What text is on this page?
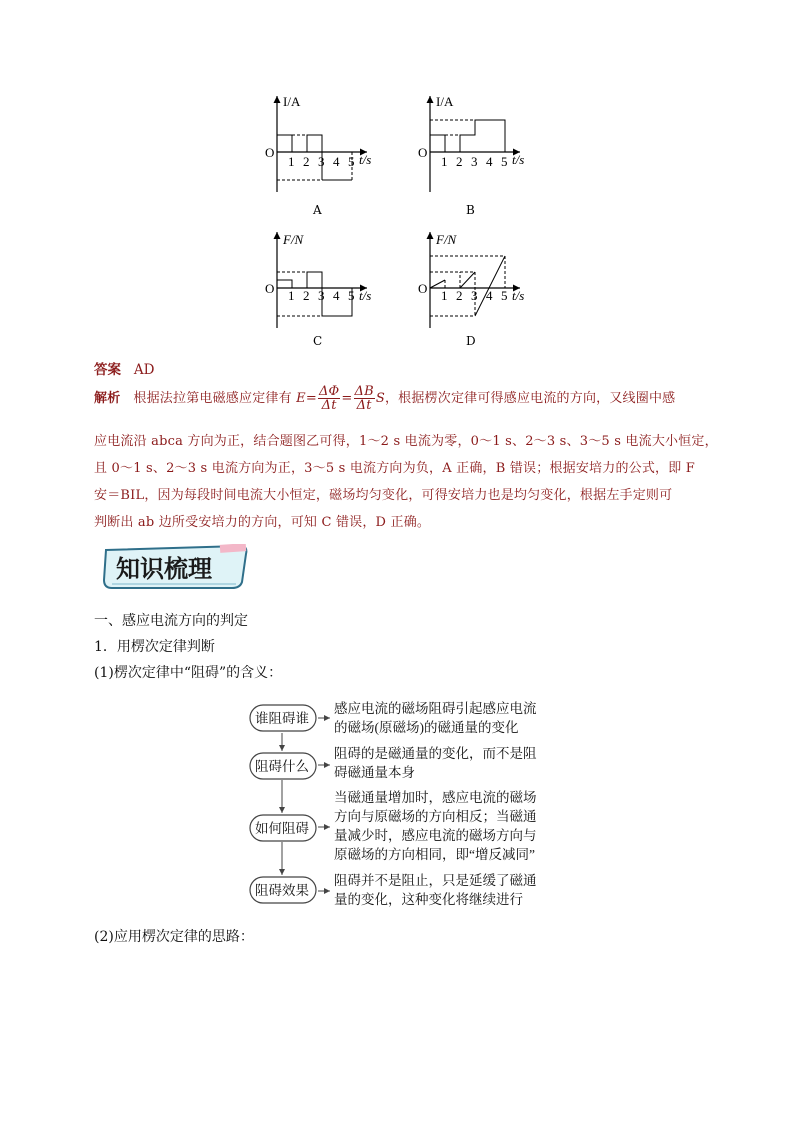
I/A
O
1 2 3 4 5 t/s
A
I/A
O
1 2 3 4 5 t/s
B
F/N
O 1 2 3 4 5 t/s
C
F/N
O 1 2 3 4 5 t/s
D
答案 AD
解析 根据法拉第电磁感应定律有 $E= \frac{\Delta\Phi}{\Delta t} = \frac{\Delta B}{\Delta t}$ S，根据楞次定律可得感应电流的方向，又线圈中感
应电流沿 abca 方向为正，结合题图乙可得，1～2 s 电流为零，0～1 s、2～3 s、3～5 s 电流大小恒定，
且 0～1 s、2～3 s 电流方向为正，3～5 s 电流方向为负，A 正确，B 错误；根据安培力的公式，即 F
安＝BIL，因为每段时间电流大小恒定，磁场均匀变化，可得安培力也是均匀变化，根据左手定则可
判断出 ab 边所受安培力的方向，可知 C 错误，D 正确。
知识梳理
一、感应电流方向的判定
1．用楞次定律判断
(1)楞次定律中“阻碍”的含义：
谁阻碍谁
阻碍什么
如何阻碍
阻碍效果
感应电流的磁场阻碍引起感应电流
的磁场(原磁场)的磁通量的变化
阻碍的是磁通量的变化，而不是阻
碍磁通量本身
当磁通量增加时，感应电流的磁场
方向与原磁场的方向相反；当磁通
量减少时，感应电流的磁场方向与
原磁场的方向相同，即“增反减同”
阻碍并不是阻止，只是延缓了磁通
量的变化，这种变化将继续进行
(2)应用楞次定律的思路：
